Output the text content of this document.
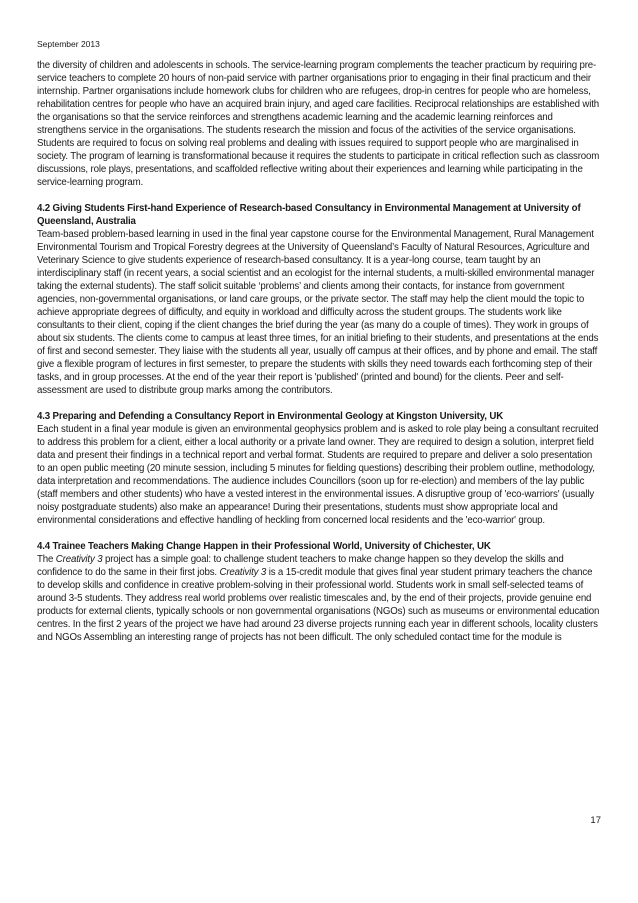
September 2013

the diversity of children and adolescents in schools. The service-learning program complements the teacher practicum by requiring pre-service teachers to complete 20 hours of non-paid service with partner organisations prior to engaging in their final practicum and their internship. Partner organisations include homework clubs for children who are refugees, drop-in centres for people who are homeless, rehabilitation centres for people who have an acquired brain injury, and aged care facilities. Reciprocal relationships are established with the organisations so that the service reinforces and strengthens academic learning and the academic learning reinforces and strengthens service in the organisations. The students research the mission and focus of the activities of the service organisations. Students are required to focus on solving real problems and dealing with issues required to support people who are marginalised in society. The program of learning is transformational because it requires the students to participate in critical reflection such as classroom discussions, role plays, presentations, and scaffolded reflective writing about their experiences and learning while participating in the service-learning program.

4.2 Giving Students First-hand Experience of Research-based Consultancy in Environmental Management at University of Queensland, Australia

Team-based problem-based learning in used in the final year capstone course for the Environmental Management, Rural Management Environmental Tourism and Tropical Forestry degrees at the University of Queensland’s Faculty of Natural Resources, Agriculture and Veterinary Science to give students experience of research-based consultancy. It is a year-long course, team taught by an interdisciplinary staff (in recent years, a social scientist and an ecologist for the internal students, a multi-skilled environmental manager taking the external students). The staff solicit suitable ‘problems’ and clients among their contacts, for instance from government agencies, non-governmental organisations, or land care groups, or the private sector. The staff may help the client mould the topic to achieve appropriate degrees of difficulty, and equity in workload and difficulty across the student groups. The students work like consultants to their client, coping if the client changes the brief during the year (as many do a couple of times). They work in groups of about six students. The clients come to campus at least three times, for an initial briefing to their students, and presentations at the ends of first and second semester. They liaise with the students all year, usually off campus at their offices, and by phone and email. The staff give a flexible program of lectures in first semester, to prepare the students with skills they need towards each forthcoming step of their tasks, and in group processes. At the end of the year their report is 'published' (printed and bound) for the clients. Peer and self-assessment are used to distribute group marks among the contributors.

4.3 Preparing and Defending a Consultancy Report in Environmental Geology at Kingston University, UK

Each student in a final year module is given an environmental geophysics problem and is asked to role play being a consultant recruited to address this problem for a client, either a local authority or a private land owner. They are required to design a solution, interpret field data and present their findings in a technical report and verbal format. Students are required to prepare and deliver a solo presentation to an open public meeting (20 minute session, including 5 minutes for fielding questions) describing their problem outline, methodology, data interpretation and recommendations. The audience includes Councillors (soon up for re-election) and members of the lay public (staff members and other students) who have a vested interest in the environmental issues. A disruptive group of 'eco-warriors' (usually noisy postgraduate students) also make an appearance! During their presentations, students must show appropriate local and environmental considerations and effective handling of heckling from concerned local residents and the 'eco-warrior' group.

4.4 Trainee Teachers Making Change Happen in their Professional World, University of Chichester, UK

The Creativity 3 project has a simple goal: to challenge student teachers to make change happen so they develop the skills and confidence to do the same in their first jobs. Creativity 3 is a 15-credit module that gives final year student primary teachers the chance to develop skills and confidence in creative problem-solving in their professional world. Students work in small self-selected teams of around 3-5 students. They address real world problems over realistic timescales and, by the end of their projects, provide genuine end products for external clients, typically schools or non governmental organisations (NGOs) such as museums or environmental education centres. In the first 2 years of the project we have had around 23 diverse projects running each year in different schools, locality clusters and NGOs Assembling an interesting range of projects has not been difficult. The only scheduled contact time for the module is

17
